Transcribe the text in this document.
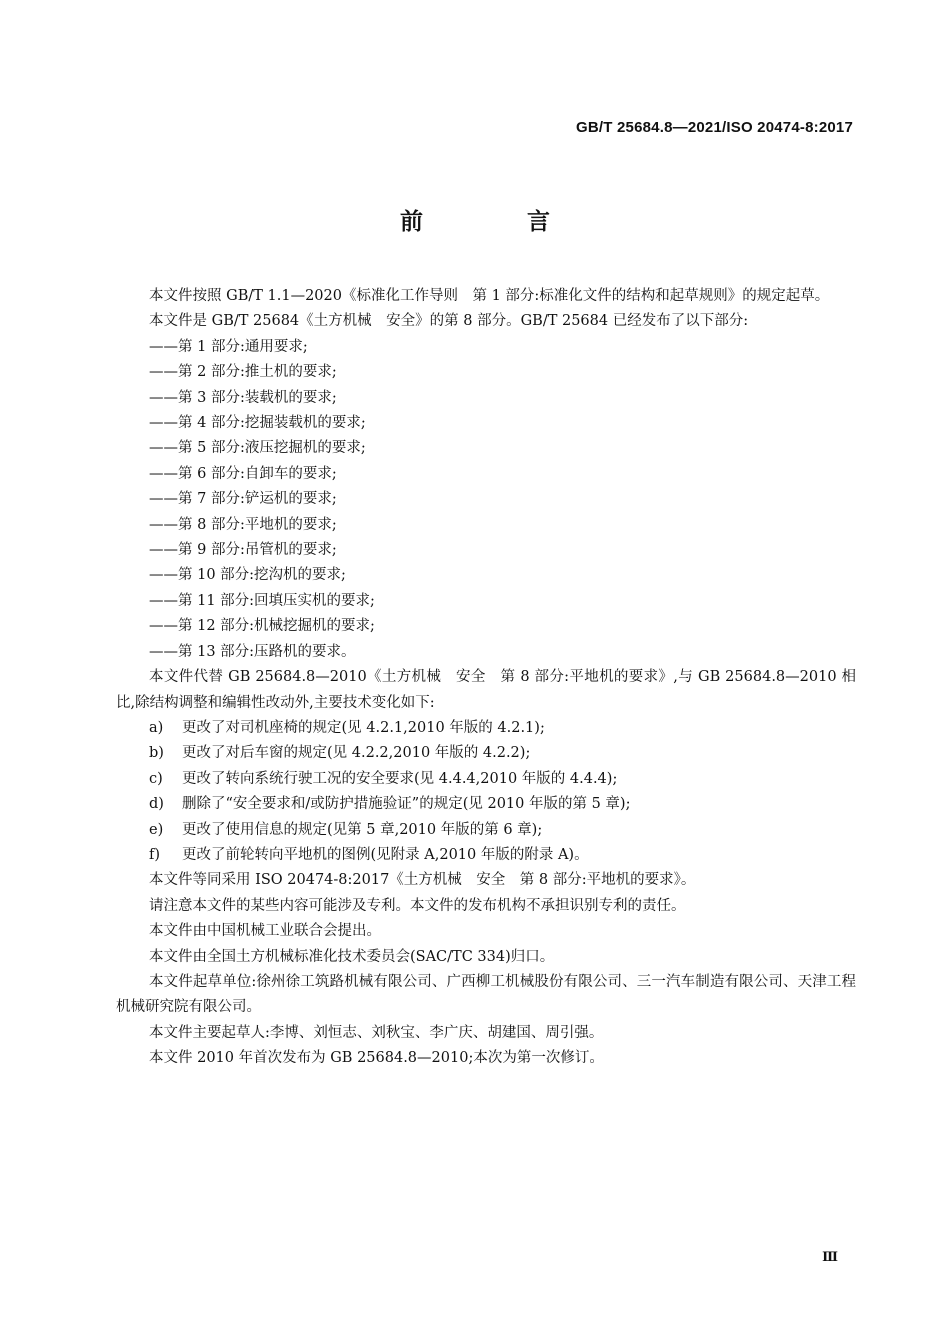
GB/T 25684.8—2021/ISO 20474-8:2017
前 言

本文件按照 GB/T 1.1—2020《标准化工作导则　第 1 部分:标准化文件的结构和起草规则》的规定起草。

本文件是 GB/T 25684《土方机械　安全》的第 8 部分。GB/T 25684 已经发布了以下部分:

——第 1 部分:通用要求;

——第 2 部分:推土机的要求;

——第 3 部分:装载机的要求;

——第 4 部分:挖掘装载机的要求;

——第 5 部分:液压挖掘机的要求;

——第 6 部分:自卸车的要求;

——第 7 部分:铲运机的要求;

——第 8 部分:平地机的要求;

——第 9 部分:吊管机的要求;

——第 10 部分:挖沟机的要求;

——第 11 部分:回填压实机的要求;

——第 12 部分:机械挖掘机的要求;

——第 13 部分:压路机的要求。

本文件代替 GB 25684.8—2010《土方机械　安全　第 8 部分:平地机的要求》,与 GB 25684.8—2010 相比,除结构调整和编辑性改动外,主要技术变化如下:

a) 更改了对司机座椅的规定(见 4.2.1,2010 年版的 4.2.1);

b) 更改了对后车窗的规定(见 4.2.2,2010 年版的 4.2.2);

c) 更改了转向系统行驶工况的安全要求(见 4.4.4,2010 年版的 4.4.4);

d) 删除了“安全要求和/或防护措施验证”的规定(见 2010 年版的第 5 章);

e) 更改了使用信息的规定(见第 5 章,2010 年版的第 6 章);

f) 更改了前轮转向平地机的图例(见附录 A,2010 年版的附录 A)。

本文件等同采用 ISO 20474-8:2017《土方机械　安全　第 8 部分:平地机的要求》。

请注意本文件的某些内容可能涉及专利。本文件的发布机构不承担识别专利的责任。

本文件由中国机械工业联合会提出。

本文件由全国土方机械标准化技术委员会(SAC/TC 334)归口。

本文件起草单位:徐州徐工筑路机械有限公司、广西柳工机械股份有限公司、三一汽车制造有限公司、天津工程机械研究院有限公司。

本文件主要起草人:李博、刘恒志、刘秋宝、李广庆、胡建国、周引强。

本文件 2010 年首次发布为 GB 25684.8—2010;本次为第一次修订。

Ⅲ
